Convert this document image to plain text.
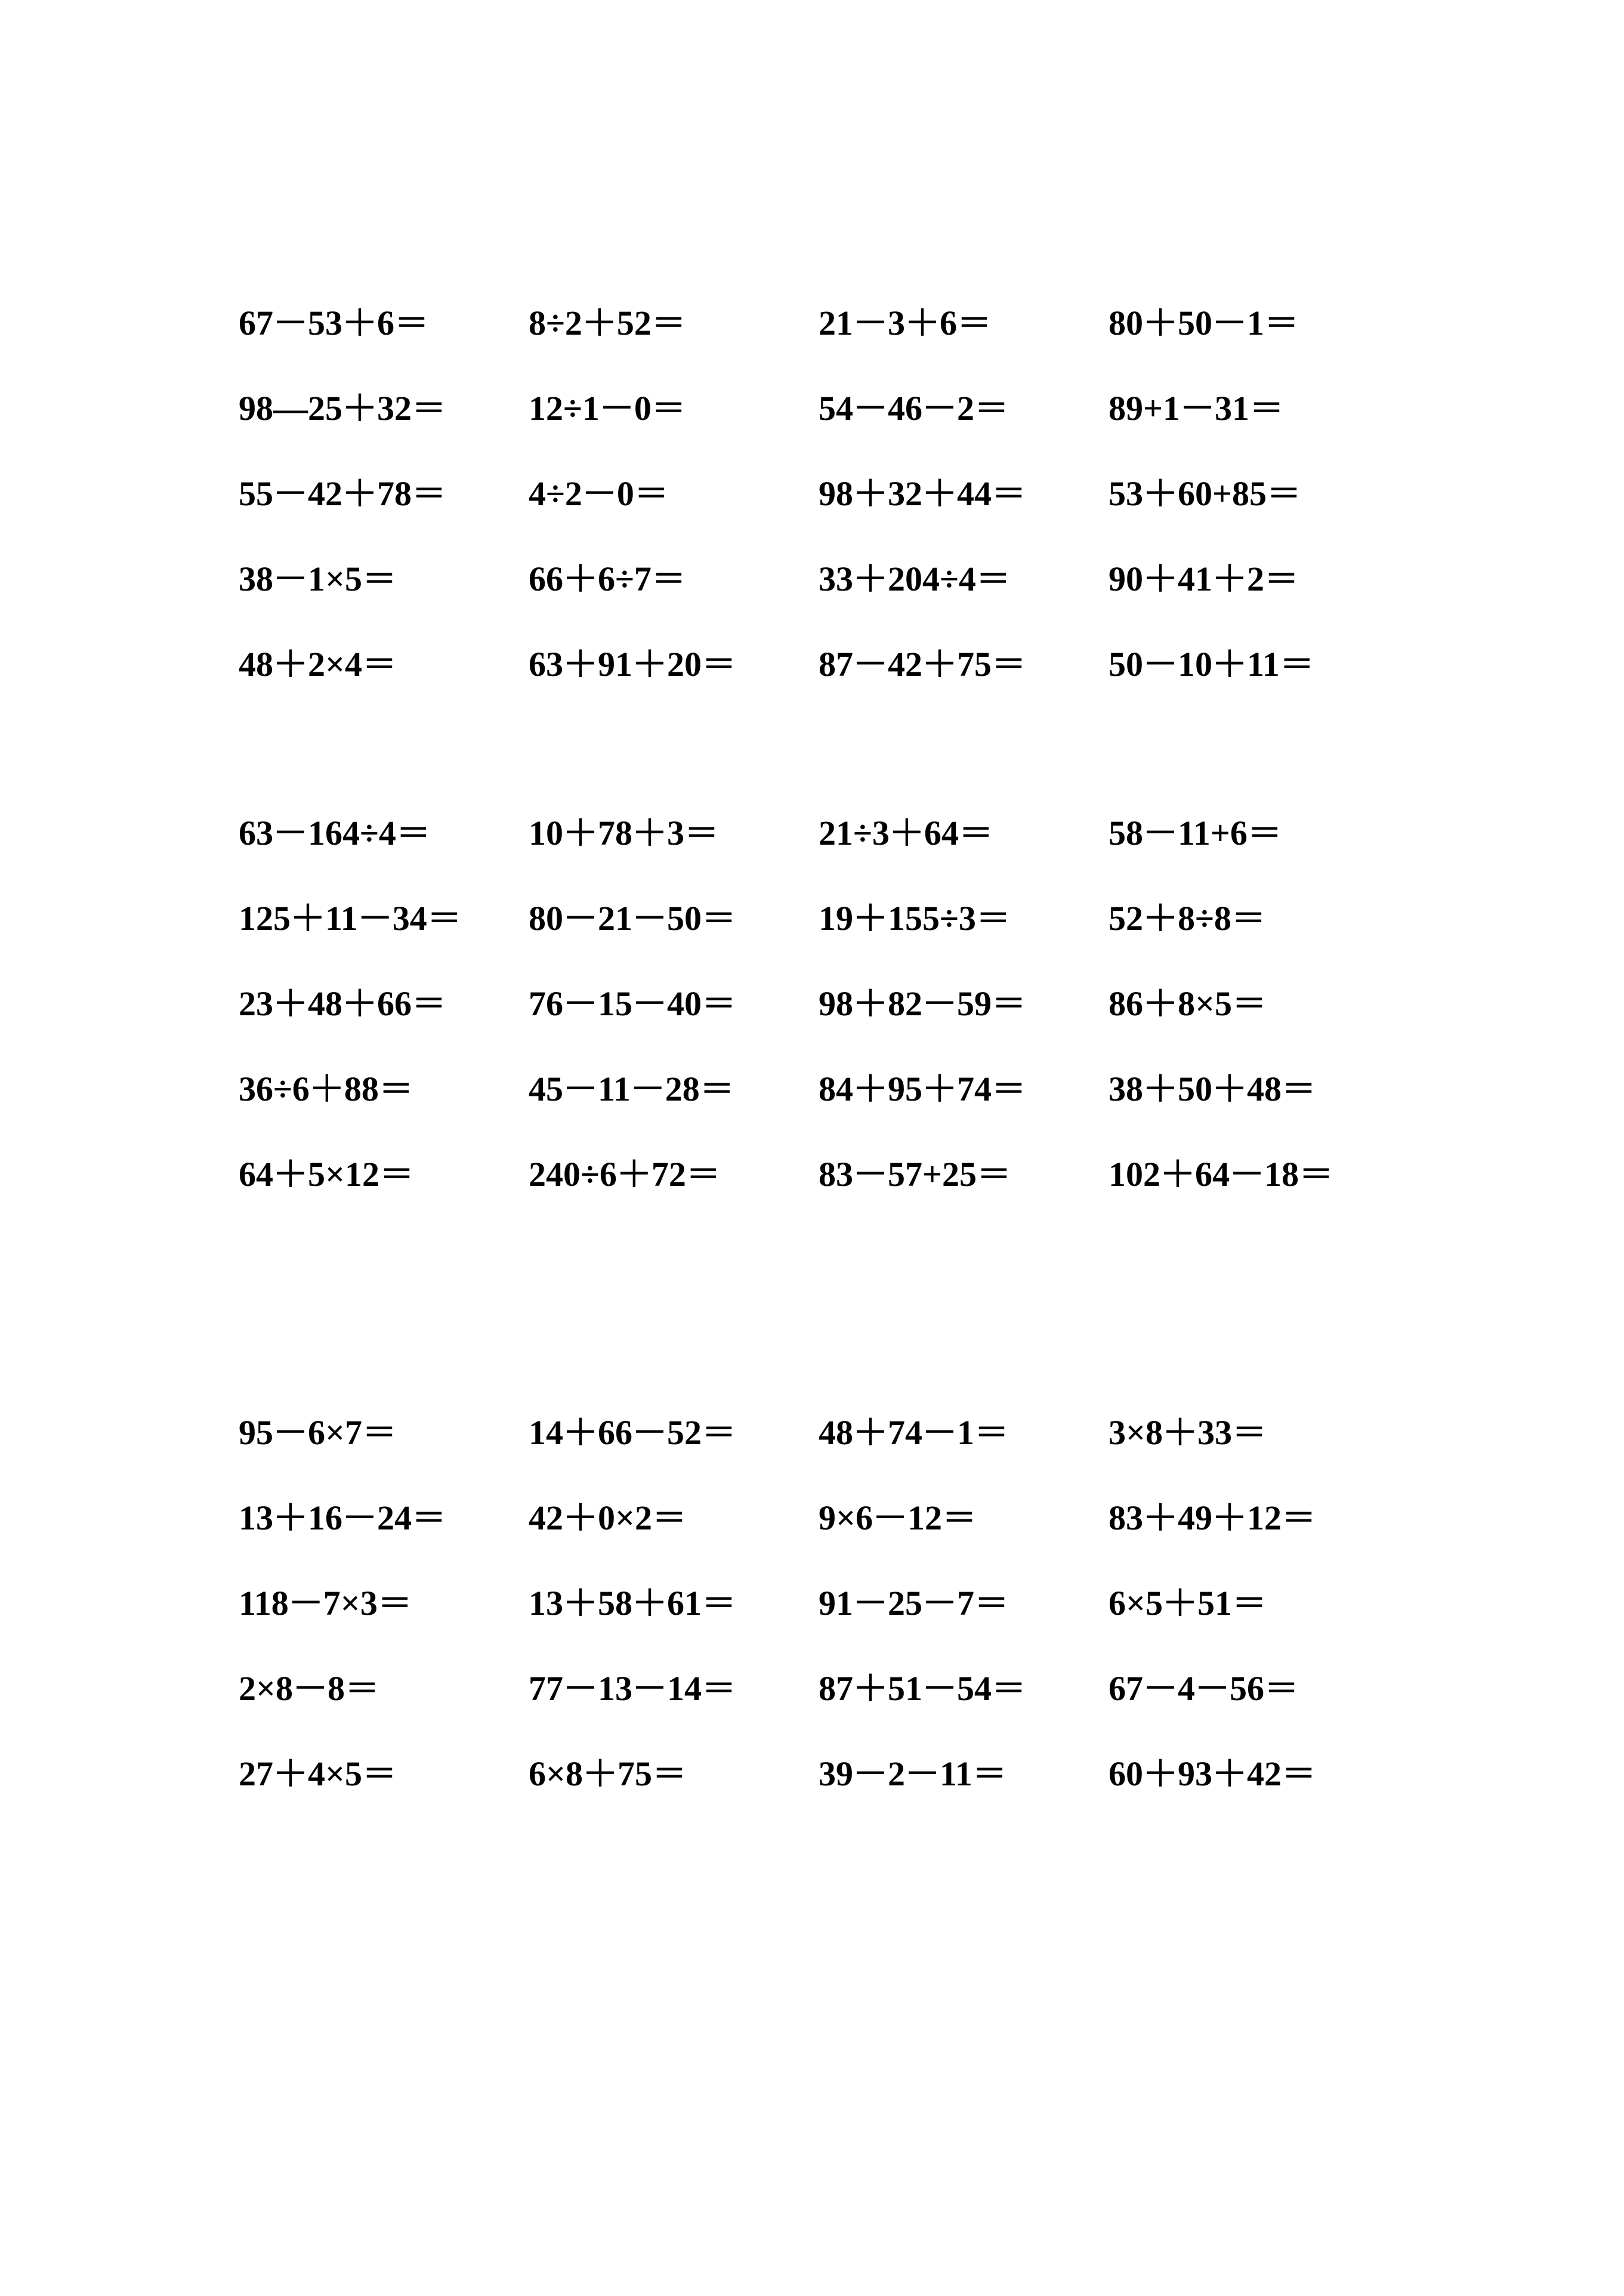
67－53＋6＝	8÷2＋52＝	21－3＋6＝	80＋50－1＝
98—25＋32＝	12÷1－0＝	54－46－2＝	89+1－31＝
55－42＋78＝	4÷2－0＝	98＋32＋44＝	53＋60+85＝
38－1×5＝	66＋6÷7＝	33＋204÷4＝	90＋41＋2＝
48＋2×4＝	63＋91＋20＝	87－42＋75＝	50－10＋11＝
63－164÷4＝	10＋78＋3＝	21÷3＋64＝	58－11+6＝
125＋11－34＝	80－21－50＝	19＋155÷3＝	52＋8÷8＝
23＋48＋66＝	76－15－40＝	98＋82－59＝	86＋8×5＝
36÷6＋88＝	45－11－28＝	84＋95＋74＝	38＋50＋48＝
64＋5×12＝	240÷6＋72＝	83－57+25＝	102＋64－18＝
95－6×7＝	14＋66－52＝	48＋74－1＝	3×8＋33＝
13＋16－24＝	42＋0×2＝	9×6－12＝	83＋49＋12＝
118－7×3＝	13＋58＋61＝	91－25－7＝	6×5＋51＝
2×8－8＝	77－13－14＝	87＋51－54＝	67－4－56＝
27＋4×5＝	6×8＋75＝	39－2－11＝	60＋93＋42＝
